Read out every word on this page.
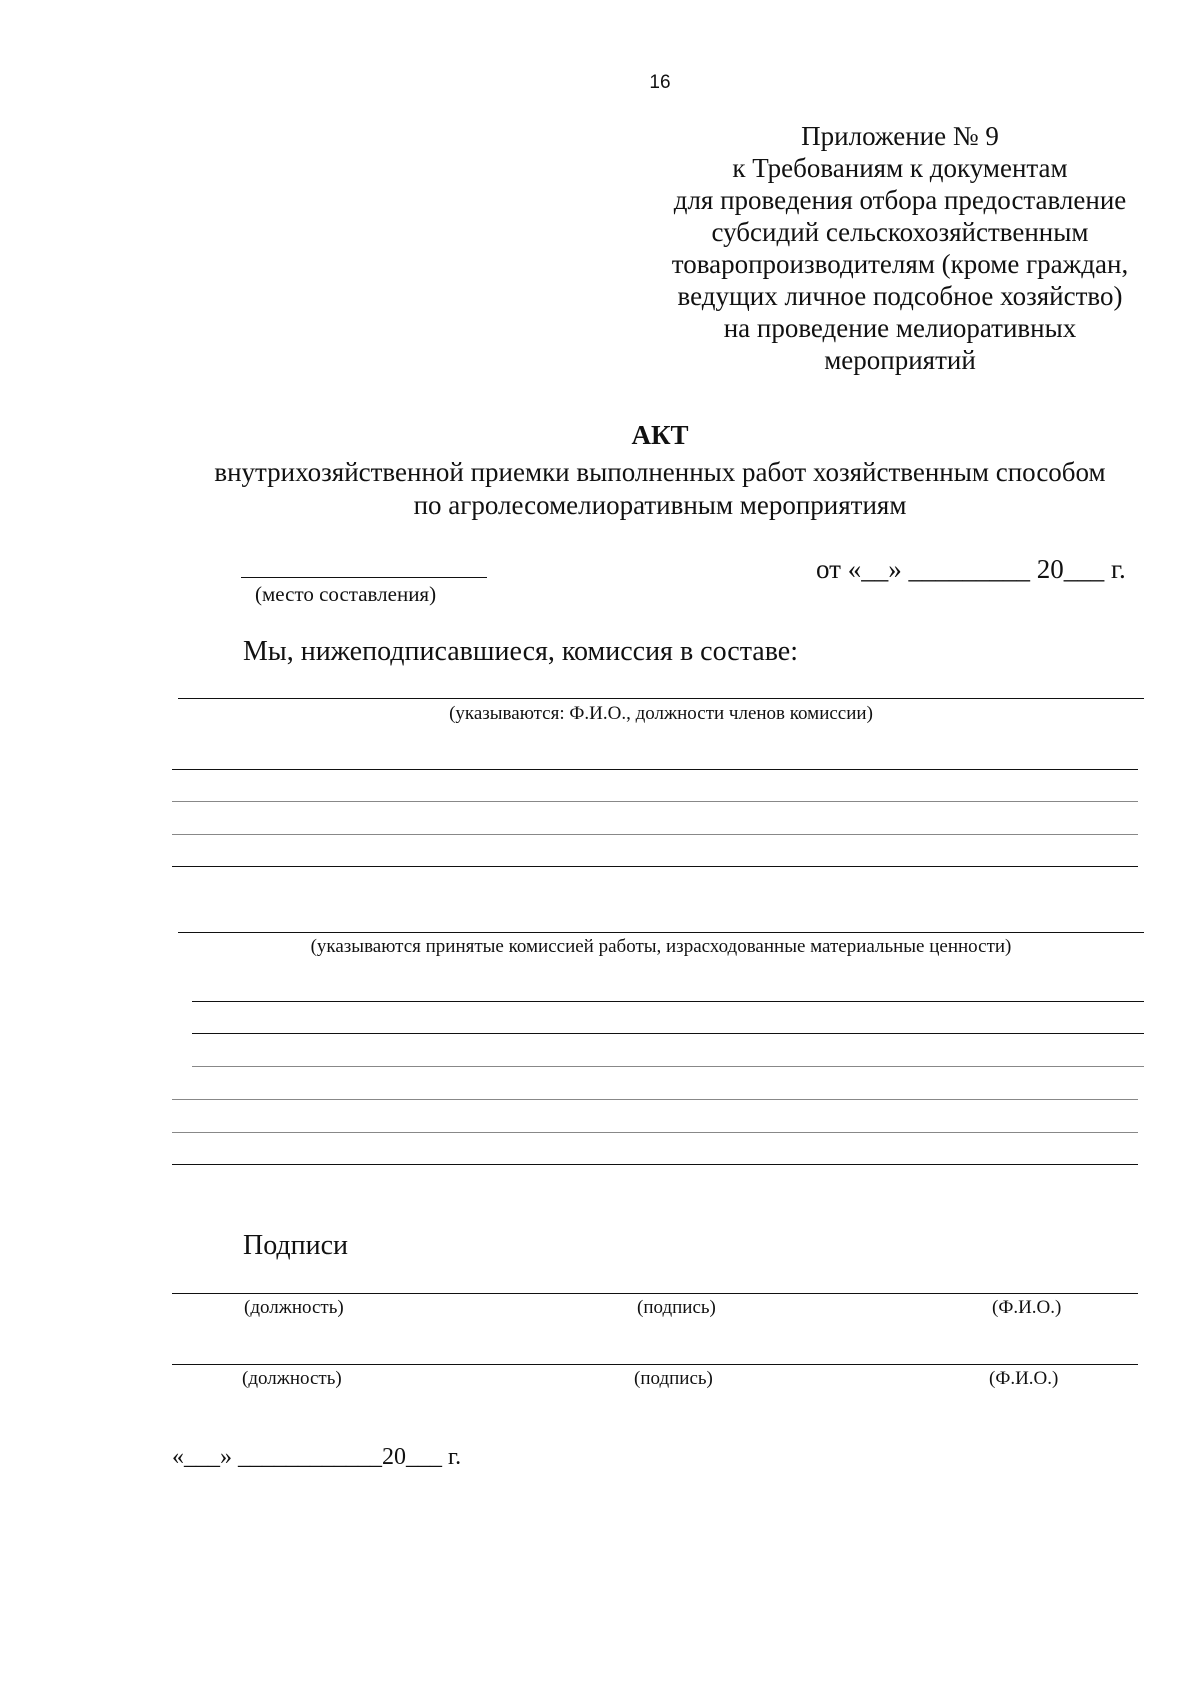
16
Приложение № 9
к Требованиям к документам
для проведения отбора предоставление
субсидий сельскохозяйственным
товаропроизводителям (кроме граждан,
ведущих личное подсобное хозяйство)
на проведение мелиоративных
мероприятий
АКТ
внутрихозяйственной приемки выполненных работ хозяйственным способом
по агролесомелиоративным мероприятиям
(место составления)
от «__» _________ 20___ г.
Мы, нижеподписавшиеся, комиссия в составе:
(указываются: Ф.И.О., должности членов комиссии)
(указываются принятые комиссией работы, израсходованные материальные ценности)
Подписи
(должность)	(подпись)	(Ф.И.О.)
(должность)	(подпись)	(Ф.И.О.)
«___» ____________20___ г.
